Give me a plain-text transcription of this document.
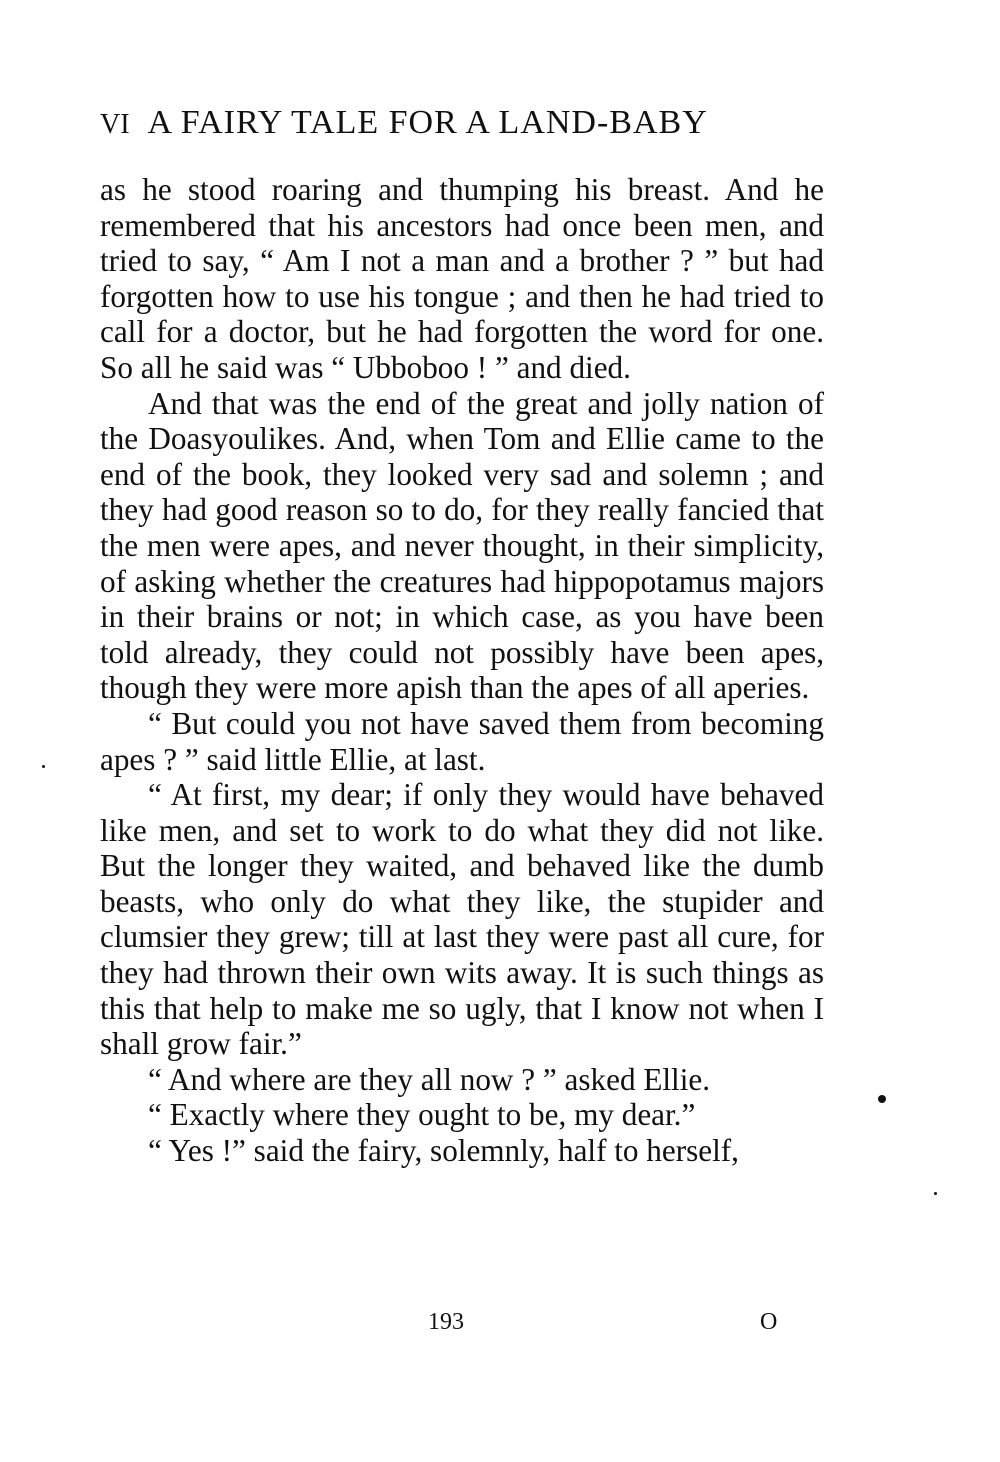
VI A FAIRY TALE FOR A LAND-BABY

as he stood roaring and thumping his breast. And he remembered that his ancestors had once been men, and tried to say, “ Am I not a man and a brother ? ” but had forgotten how to use his tongue ; and then he had tried to call for a doctor, but he had forgotten the word for one. So all he said was “ Ubboboo ! ” and died.

And that was the end of the great and jolly nation of the Doasyoulikes. And, when Tom and Ellie came to the end of the book, they looked very sad and solemn ; and they had good reason so to do, for they really fancied that the men were apes, and never thought, in their simplicity, of asking whether the creatures had hippopotamus majors in their brains or not; in which case, as you have been told already, they could not possibly have been apes, though they were more apish than the apes of all aperies.

“ But could you not have saved them from becoming apes ? ” said little Ellie, at last.

“ At first, my dear; if only they would have behaved like men, and set to work to do what they did not like. But the longer they waited, and behaved like the dumb beasts, who only do what they like, the stupider and clumsier they grew; till at last they were past all cure, for they had thrown their own wits away. It is such things as this that help to make me so ugly, that I know not when I shall grow fair.”

“ And where are they all now ? ” asked Ellie.

“ Exactly where they ought to be, my dear.”

“ Yes !” said the fairy, solemnly, half to herself,

193	O
